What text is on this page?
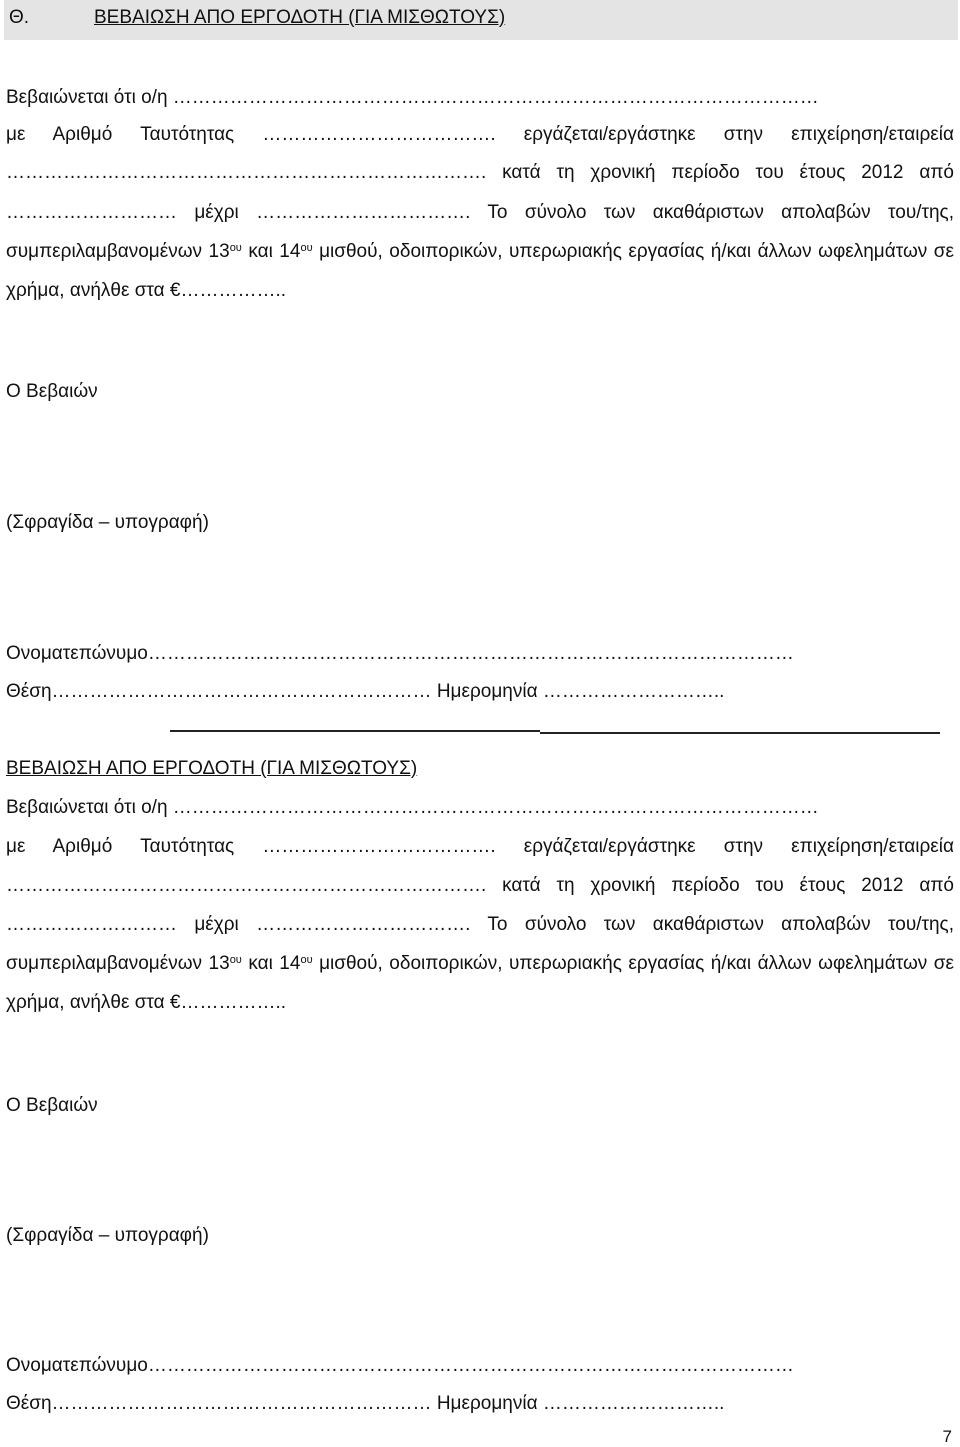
Θ.	ΒΕΒΑΙΩΣΗ ΑΠΟ ΕΡΓΟΔΟΤΗ (ΓΙΑ ΜΙΣΘΩΤΟΥΣ)
Βεβαιώνεται ότι ο/η …………………………………………………………………………………………
με Αριθμό Ταυτότητας ………………………………. εργάζεται/εργάστηκε στην επιχείρηση/εταιρεία
…………………………………………………………………. κατά τη χρονική περίοδο του έτους 2012 από
……………………… μέχρι ……………………………. Το σύνολο των ακαθάριστων απολαβών του/της,
συμπεριλαμβανομένων $13^{o\upsilon}$ και $14^{o\upsilon}$ μισθού, οδοιπορικών, υπερωριακής εργασίας ή/και άλλων ωφελημάτων σε
χρήμα, ανήλθε στα €……………..
Ο Βεβαιών
(Σφραγίδα – υπογραφή)
Ονοματεπώνυμο…………………………………………………………………………………………
Θέση…………………………………………………… Ημερομηνία ………………………..
ΒΕΒΑΙΩΣΗ ΑΠΟ ΕΡΓΟΔΟΤΗ (ΓΙΑ ΜΙΣΘΩΤΟΥΣ)
Βεβαιώνεται ότι ο/η …………………………………………………………………………………………
με Αριθμό Ταυτότητας ………………………………. εργάζεται/εργάστηκε στην επιχείρηση/εταιρεία
…………………………………………………………………. κατά τη χρονική περίοδο του έτους 2012 από
……………………… μέχρι ……………………………. Το σύνολο των ακαθάριστων απολαβών του/της,
συμπεριλαμβανομένων $13^{o\upsilon}$ και $14^{o\upsilon}$ μισθού, οδοιπορικών, υπερωριακής εργασίας ή/και άλλων ωφελημάτων σε
χρήμα, ανήλθε στα €……………..
Ο Βεβαιών
(Σφραγίδα – υπογραφή)
Ονοματεπώνυμο…………………………………………………………………………………………
Θέση…………………………………………………… Ημερομηνία ………………………..
7
